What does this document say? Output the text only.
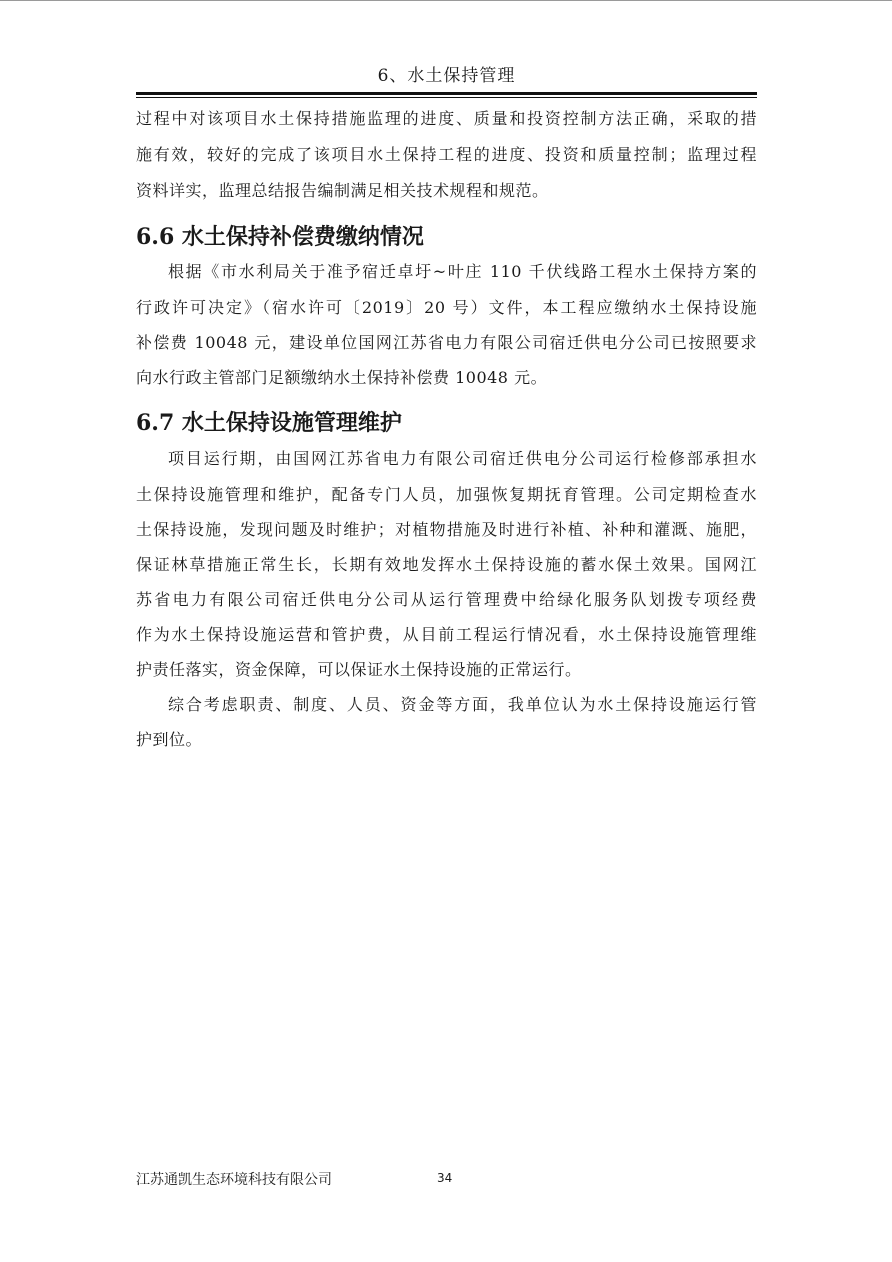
6、水土保持管理
过程中对该项目水土保持措施监理的进度、质量和投资控制方法正确，采取的措
施有效，较好的完成了该项目水土保持工程的进度、投资和质量控制；监理过程
资料详实，监理总结报告编制满足相关技术规程和规范。
6.6 水土保持补偿费缴纳情况
根据《市水利局关于准予宿迁卓圩~叶庄 110 千伏线路工程水土保持方案的
行政许可决定》（宿水许可〔2019〕20 号）文件，本工程应缴纳水土保持设施
补偿费 10048 元，建设单位国网江苏省电力有限公司宿迁供电分公司已按照要求
向水行政主管部门足额缴纳水土保持补偿费 10048 元。
6.7 水土保持设施管理维护
项目运行期，由国网江苏省电力有限公司宿迁供电分公司运行检修部承担水
土保持设施管理和维护，配备专门人员，加强恢复期抚育管理。公司定期检查水
土保持设施，发现问题及时维护；对植物措施及时进行补植、补种和灌溉、施肥，
保证林草措施正常生长，长期有效地发挥水土保持设施的蓄水保土效果。国网江
苏省电力有限公司宿迁供电分公司从运行管理费中给绿化服务队划拨专项经费
作为水土保持设施运营和管护费，从目前工程运行情况看，水土保持设施管理维
护责任落实，资金保障，可以保证水土保持设施的正常运行。
综合考虑职责、制度、人员、资金等方面，我单位认为水土保持设施运行管
护到位。
江苏通凯生态环境科技有限公司	34
